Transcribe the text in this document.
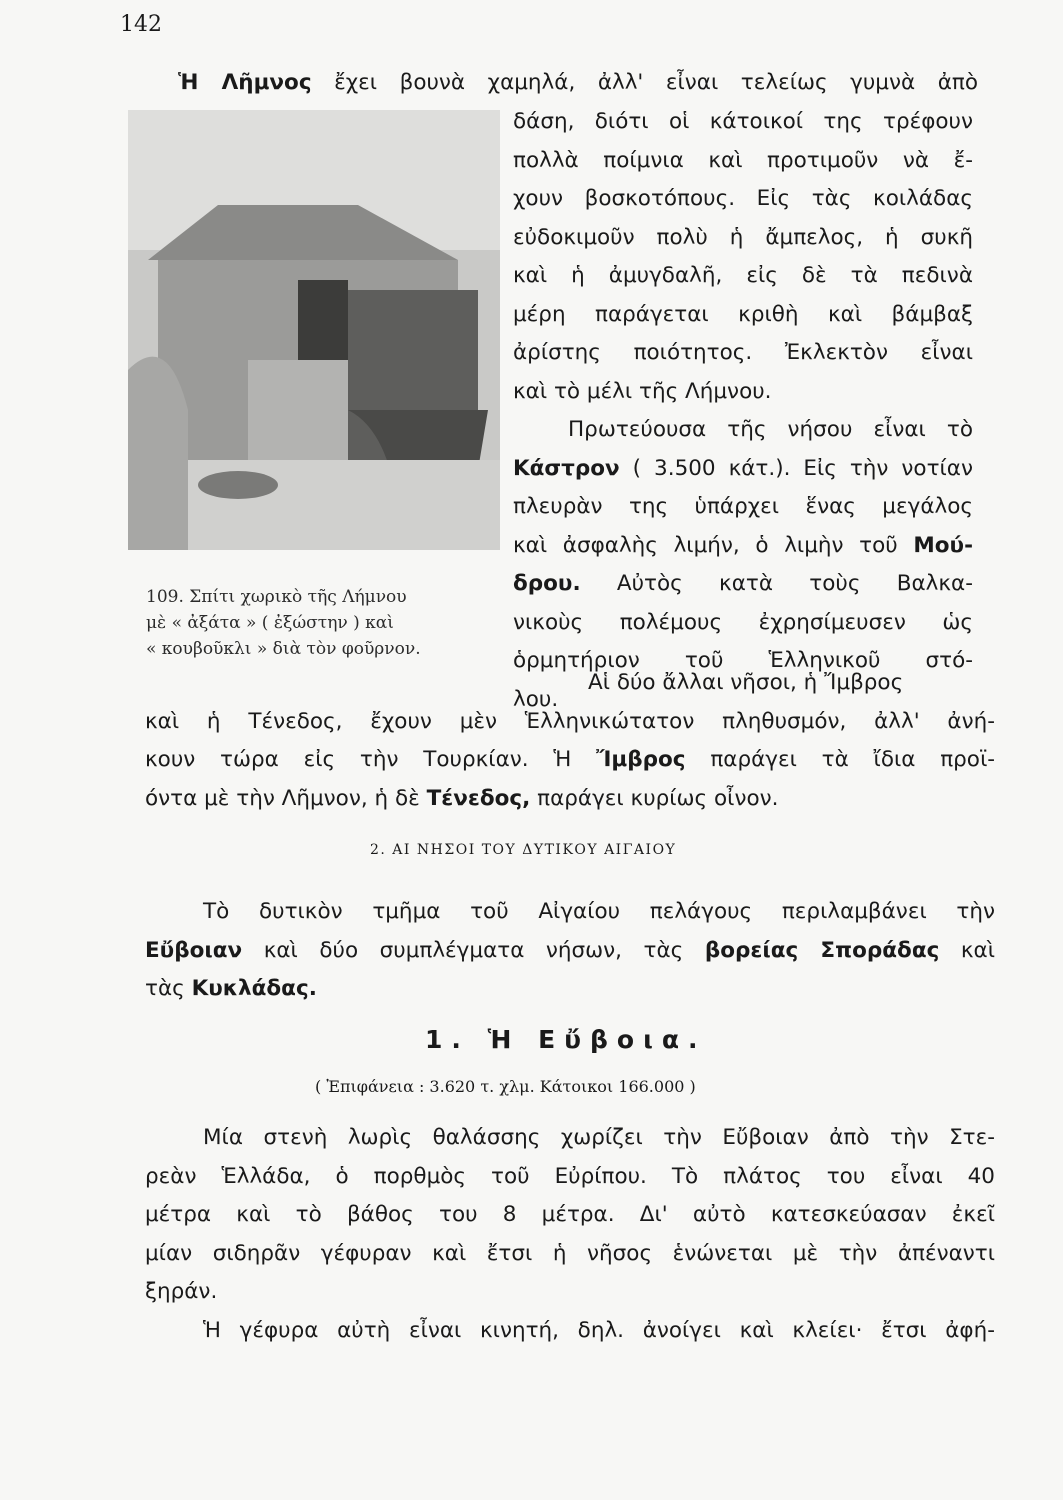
142
Ἡ Λῆμνος ἔχει βουνὰ χαμηλά, ἀλλ' εἶναι τελείως γυμνὰ ἀπὸ
δάση, διότι οἱ κάτοικοί της τρέφουν
πολλὰ ποίμνια καὶ προτιμοῦν νὰ ἔ-
χουν βοσκοτόπους. Εἰς τὰς κοιλάδας
εὐδοκιμοῦν πολὺ ἡ ἄμπελος, ἡ συκῆ
καὶ ἡ ἀμυγδαλῆ, εἰς δὲ τὰ πεδινὰ
μέρη παράγεται κριθὴ καὶ βάμβαξ
ἀρίστης ποιότητος. Ἐκλεκτὸν εἶναι
καὶ τὸ μέλι τῆς Λήμνου.
Πρωτεύουσα τῆς νήσου εἶναι τὸ
Κάστρον ( 3.500 κάτ.). Εἰς τὴν νοτίαν
πλευρὰν της ὑπάρχει ἕνας μεγάλος
καὶ ἀσφαλὴς λιμήν, ὁ λιμὴν τοῦ Μού-
δρου. Αὐτὸς κατὰ τοὺς Βαλκα-
νικοὺς πολέμους ἐχρησίμευσεν ὡς
ὁρμητήριον τοῦ Ἑλληνικοῦ στό-
λου.
109. Σπίτι χωρικὸ τῆς Λήμνου
μὲ « ἀξάτα » ( ἐξώστην ) καὶ
« κουβοῦκλι » διὰ τὸν φοῦρνον.
Αἱ δύο ἄλλαι νῆσοι, ἡ Ἴμβρος
καὶ ἡ Τένεδος, ἔχουν μὲν Ἑλληνικώτατον πληθυσμόν, ἀλλ' ἀνή-
κουν τώρα εἰς τὴν Τουρκίαν. Ἡ Ἴμβρος παράγει τὰ ἴδια προϊ-
όντα μὲ τὴν Λῆμνον, ἡ δὲ Τένεδος, παράγει κυρίως οἶνον.
2. ΑΙ ΝΗΣΟΙ ΤΟΥ ΔΥΤΙΚΟΥ ΑΙΓΑΙΟΥ
Τὸ δυτικὸν τμῆμα τοῦ Αἰγαίου πελάγους περιλαμβάνει τὴν
Εὔβοιαν καὶ δύο συμπλέγματα νήσων, τὰς βορείας Σποράδας καὶ
τὰς Κυκλάδας.
1. Ἡ Εὔβοια.
( Ἐπιφάνεια : 3.620 τ. χλμ. Κάτοικοι 166.000 )
Μία στενὴ λωρὶς θαλάσσης χωρίζει τὴν Εὔβοιαν ἀπὸ τὴν Στε-
ρεὰν Ἑλλάδα, ὁ πορθμὸς τοῦ Εὐρίπου. Τὸ πλάτος του εἶναι 40
μέτρα καὶ τὸ βάθος του 8 μέτρα. Δι' αὐτὸ κατεσκεύασαν ἐκεῖ
μίαν σιδηρᾶν γέφυραν καὶ ἔτσι ἡ νῆσος ἑνώνεται μὲ τὴν ἀπέναντι
ξηράν.
Ἡ γέφυρα αὐτὴ εἶναι κινητή, δηλ. ἀνοίγει καὶ κλείει· ἔτσι ἀφή-
